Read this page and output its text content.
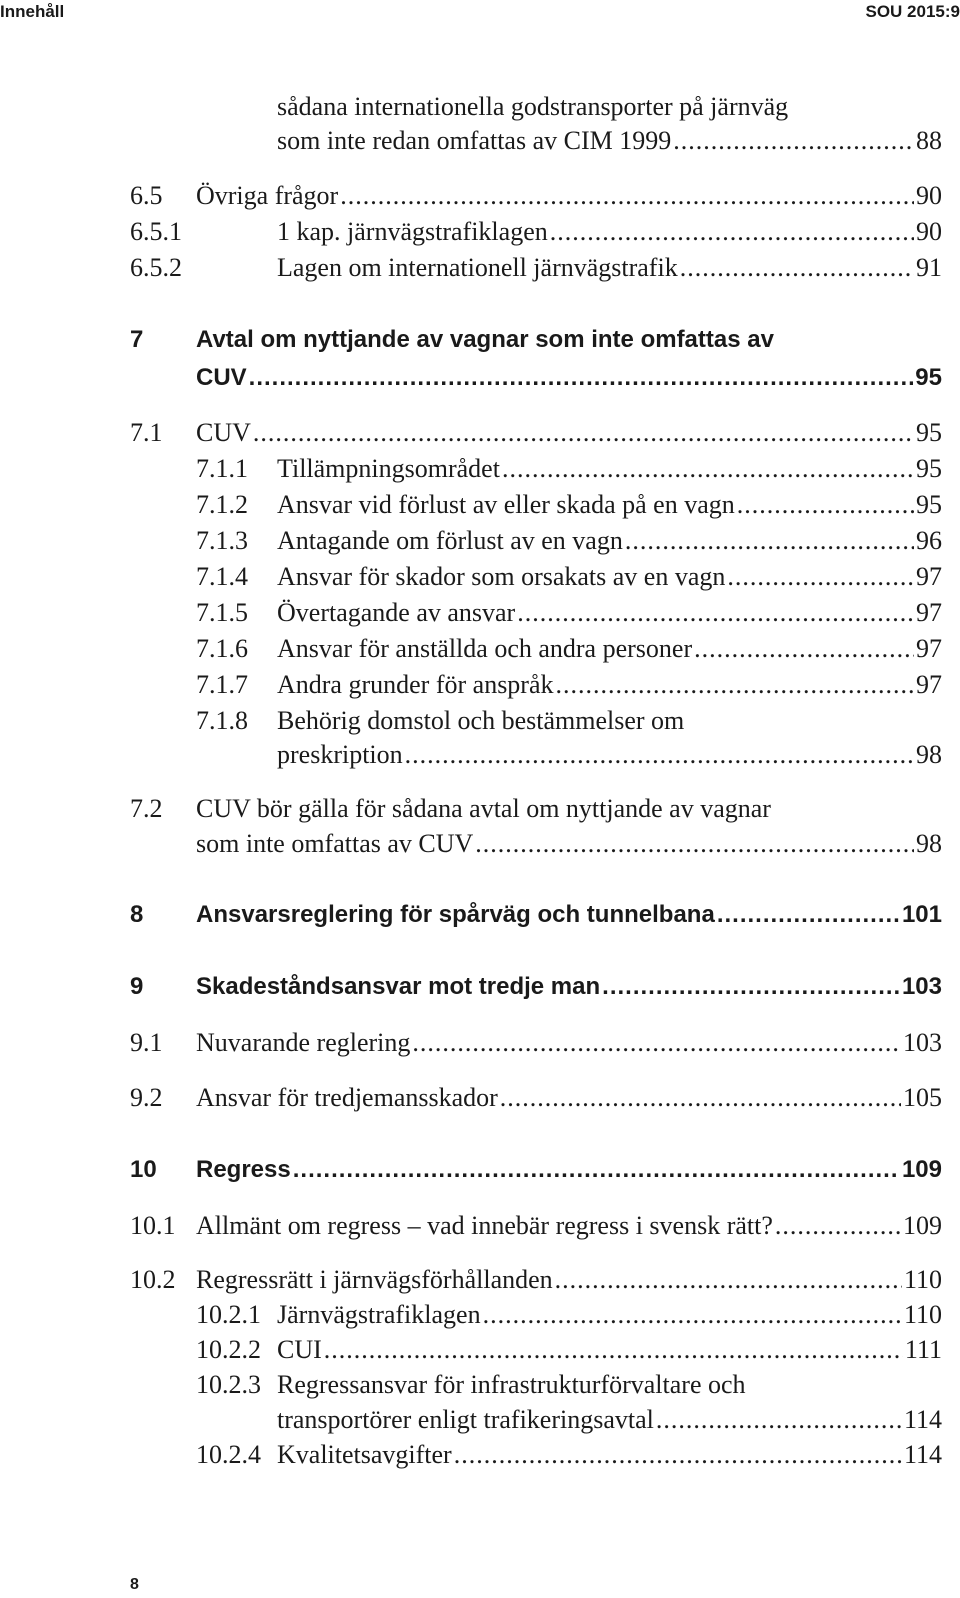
Innehåll	SOU 2015:9
sådana internationella godstransporter på järnväg
som inte redan omfattas av CIM 1999 .....	88
6.5 Övriga frågor .....	90
6.5.1	1 kap. järnvägstrafiklagen .....	90
6.5.2	Lagen om internationell järnvägstrafik .....	91
7 Avtal om nyttjande av vagnar som inte omfattas av
CUV .....	95
7.1 CUV .....	95
7.1.1 Tillämpningsområdet .....	95
7.1.2 Ansvar vid förlust av eller skada på en vagn .....	95
7.1.3 Antagande om förlust av en vagn .....	96
7.1.4 Ansvar för skador som orsakats av en vagn .....	97
7.1.5 Övertagande av ansvar .....	97
7.1.6 Ansvar för anställda och andra personer .....	97
7.1.7 Andra grunder för anspråk .....	97
7.1.8 Behörig domstol och bestämmelser om
preskription .....	98
7.2 CUV bör gälla för sådana avtal om nyttjande av vagnar
som inte omfattas av CUV .....	98
8 Ansvarsreglering för spårväg och tunnelbana .....	101
9 Skadeståndsansvar mot tredje man .....	103
9.1 Nuvarande reglering .....	103
9.2 Ansvar för tredjemansskador .....	105
10 Regress .....	109
10.1 Allmänt om regress – vad innebär regress i svensk rätt? .....	109
10.2 Regressrätt i järnvägsförhållanden .....	110
10.2.1 Järnvägstrafiklagen .....	110
10.2.2 CUI .....	111
10.2.3 Regressansvar för infrastrukturförvaltare och
transportörer enligt trafikeringsavtal .....	114
10.2.4 Kvalitetsavgifter .....	114
8
